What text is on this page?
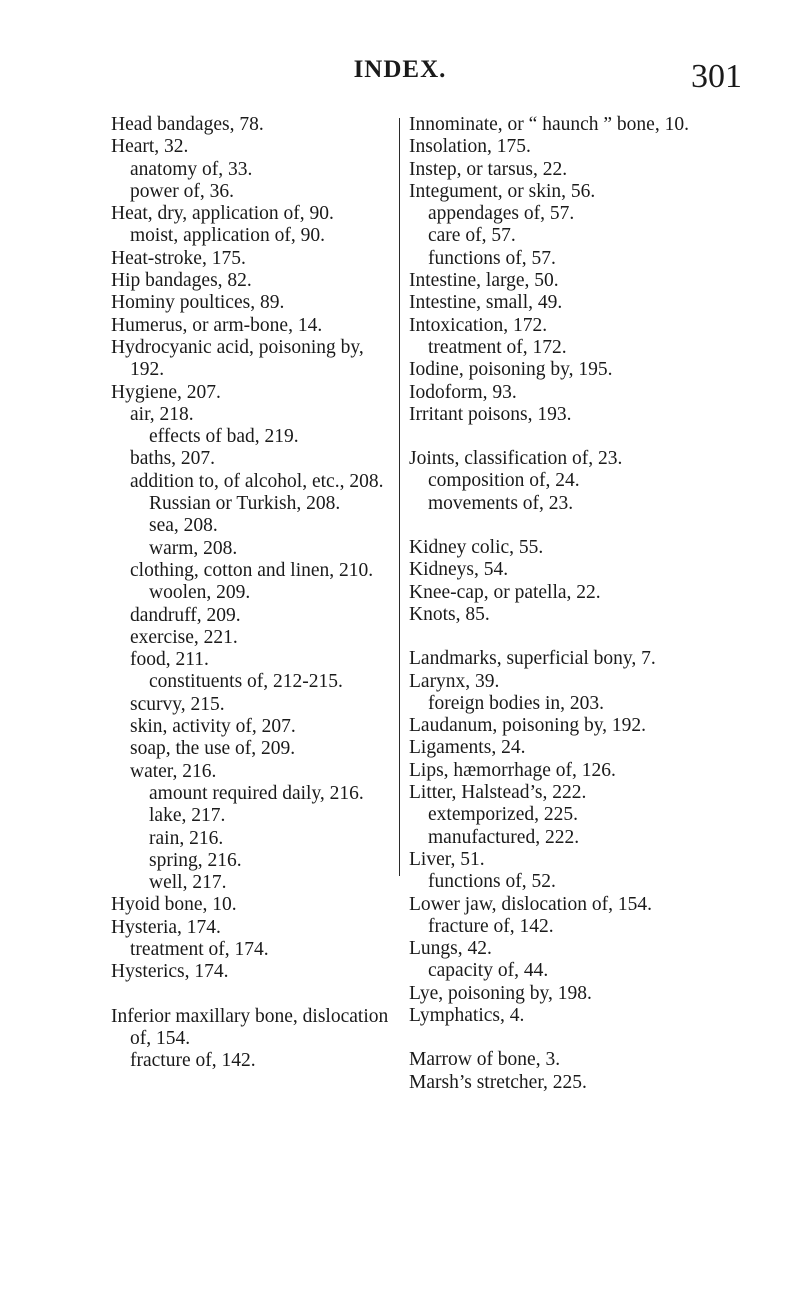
INDEX.	301
Head bandages, 78.
Heart, 32.
anatomy of, 33.
power of, 36.
Heat, dry, application of, 90.
moist, application of, 90.
Heat-stroke, 175.
Hip bandages, 82.
Hominy poultices, 89.
Humerus, or arm-bone, 14.
Hydrocyanic acid, poisoning by, 192.
Hygiene, 207.
air, 218.
effects of bad, 219.
baths, 207.
addition to, of alcohol, etc., 208.
Russian or Turkish, 208.
sea, 208.
warm, 208.
clothing, cotton and linen, 210.
woolen, 209.
dandruff, 209.
exercise, 221.
food, 211.
constituents of, 212-215.
scurvy, 215.
skin, activity of, 207.
soap, the use of, 209.
water, 216.
amount required daily, 216.
lake, 217.
rain, 216.
spring, 216.
well, 217.
Hyoid bone, 10.
Hysteria, 174.
treatment of, 174.
Hysterics, 174.
Inferior maxillary bone, dislocation of, 154.
fracture of, 142.
Innominate, or “ haunch ” bone, 10.
Insolation, 175.
Instep, or tarsus, 22.
Integument, or skin, 56.
appendages of, 57.
care of, 57.
functions of, 57.
Intestine, large, 50.
Intestine, small, 49.
Intoxication, 172.
treatment of, 172.
Iodine, poisoning by, 195.
Iodoform, 93.
Irritant poisons, 193.
Joints, classification of, 23.
composition of, 24.
movements of, 23.
Kidney colic, 55.
Kidneys, 54.
Knee-cap, or patella, 22.
Knots, 85.
Landmarks, superficial bony, 7.
Larynx, 39.
foreign bodies in, 203.
Laudanum, poisoning by, 192.
Ligaments, 24.
Lips, hæmorrhage of, 126.
Litter, Halstead’s, 222.
extemporized, 225.
manufactured, 222.
Liver, 51.
functions of, 52.
Lower jaw, dislocation of, 154.
fracture of, 142.
Lungs, 42.
capacity of, 44.
Lye, poisoning by, 198.
Lymphatics, 4.
Marrow of bone, 3.
Marsh’s stretcher, 225.
